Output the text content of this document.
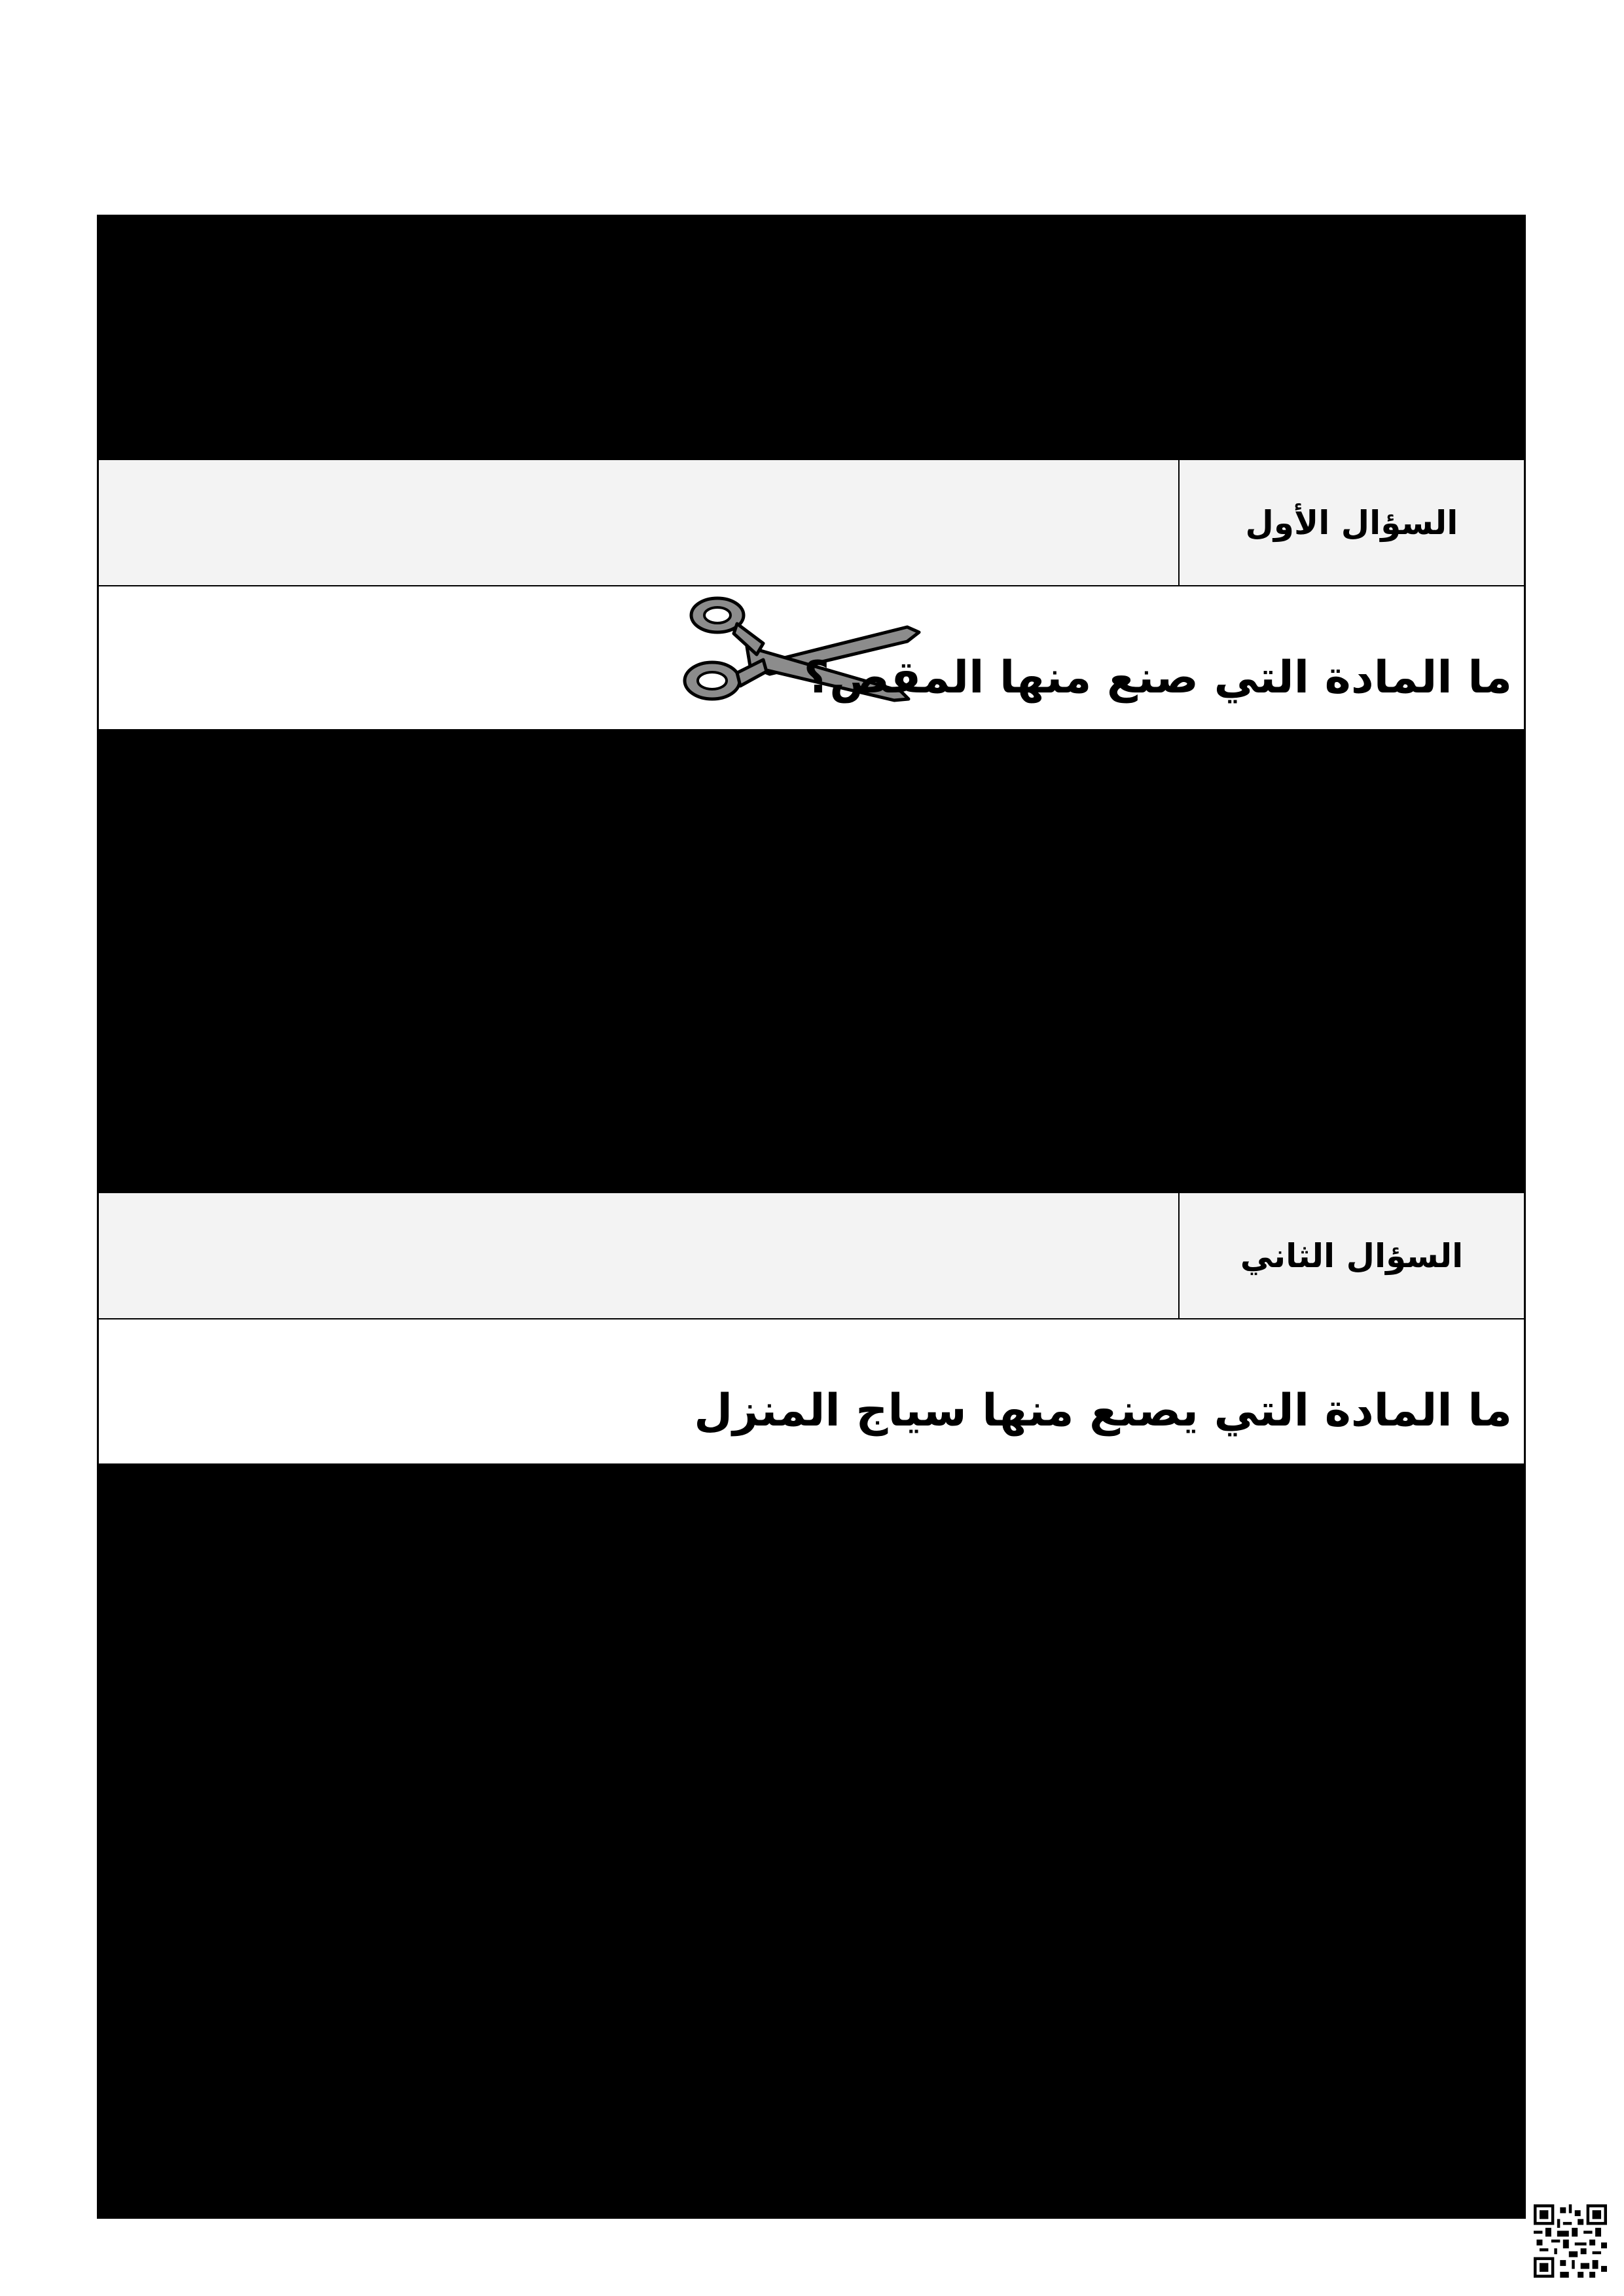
السؤال الأول
ما المادة التي صنع منها المقص؟
السؤال الثاني
ما المادة التي يصنع منها سياج المنزل
